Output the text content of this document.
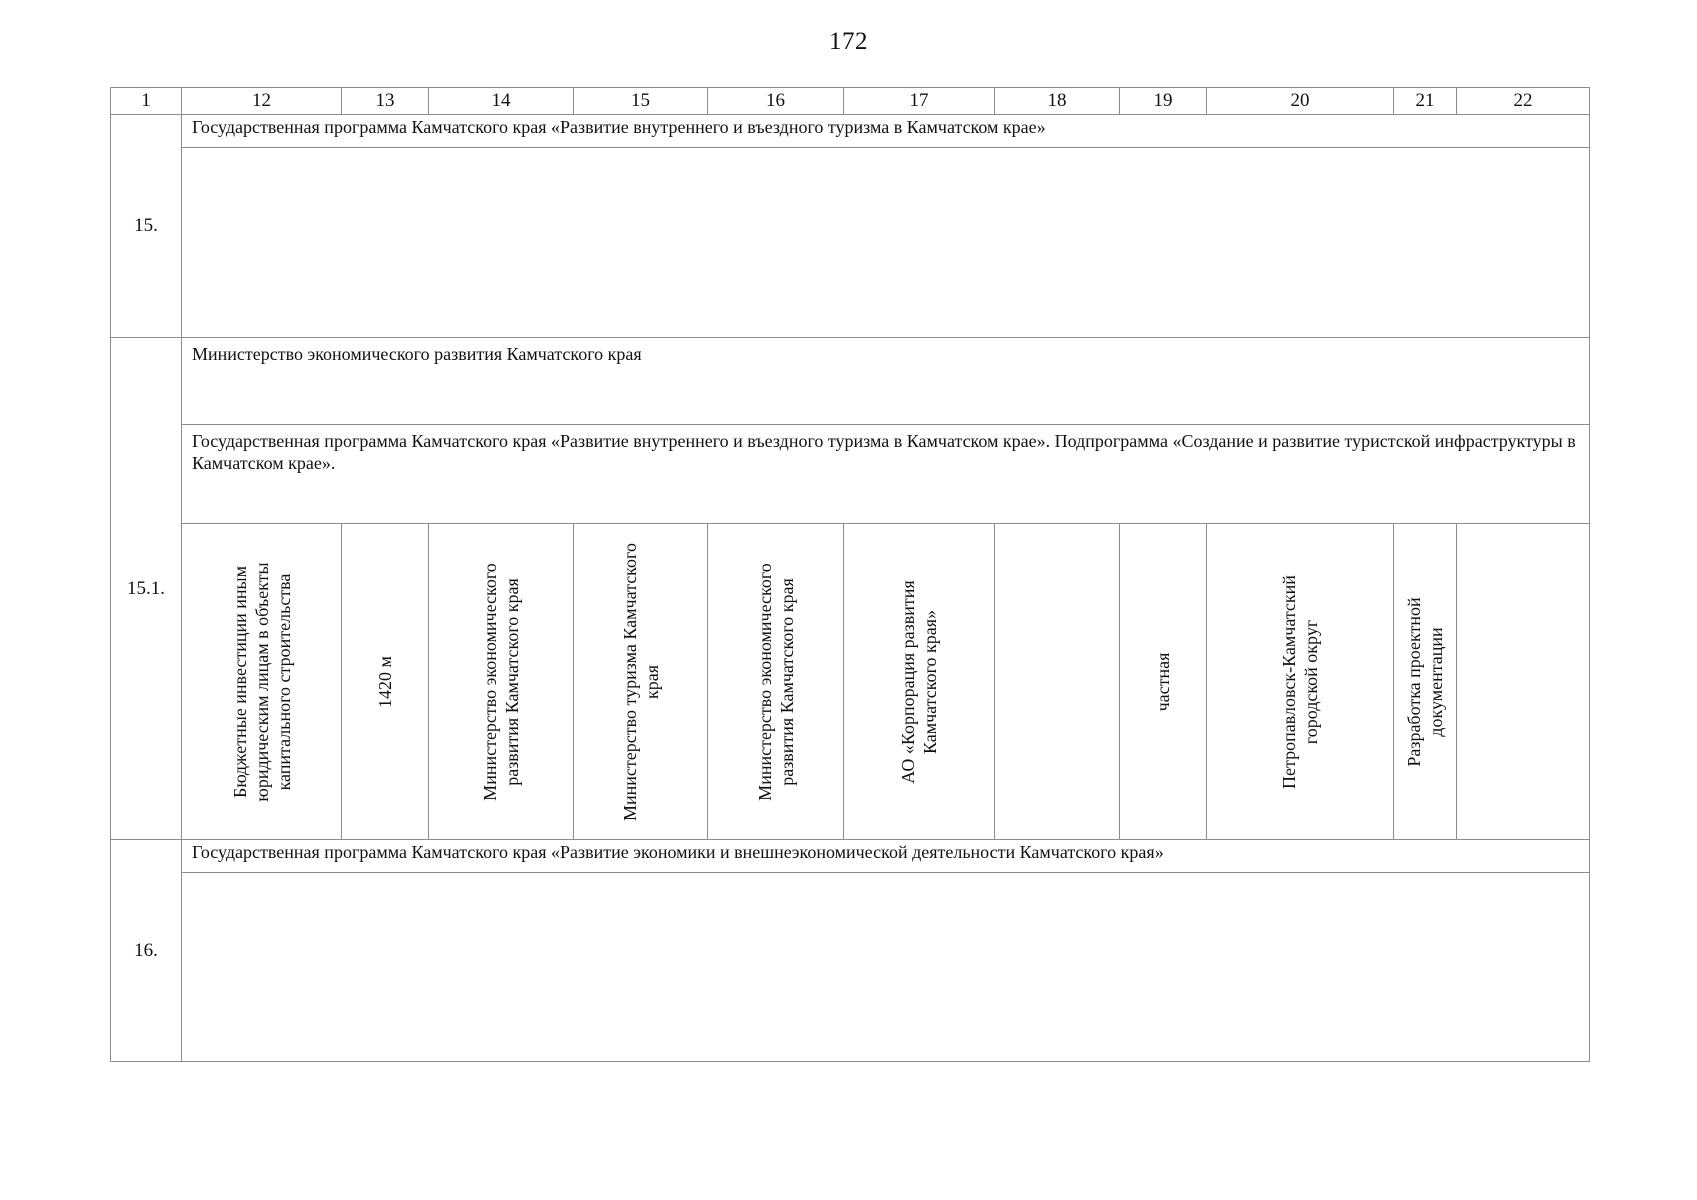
172
1	12	13	14	15	16	17	18	19	20	21	22
15.	Государственная программа Камчатского края «Развитие внутреннего и въездного туризма в Камчатском крае»										

15.1.	Министерство экономического развития Камчатского края										
	Государственная программа Камчатского края «Развитие внутреннего и въездного туризма в Камчатском крае». Подпрограмма «Создание и развитие туристской инфраструктуры в Камчатском крае».										

	Бюджетные инвестиции иным юридическим лицам в объекты капитального строительства	1420 м	Министерство экономического развития Камчатского края	Министерство туризма Камчатского края	Министерство экономического развития Камчатского края	АО «Корпорация развития Камчатского края»		частная	Петропавловск-Камчатский городской округ	Разработка проектной документации	

16.	Государственная программа Камчатского края «Развитие экономики и внешнеэкономической деятельности Камчатского края»										
